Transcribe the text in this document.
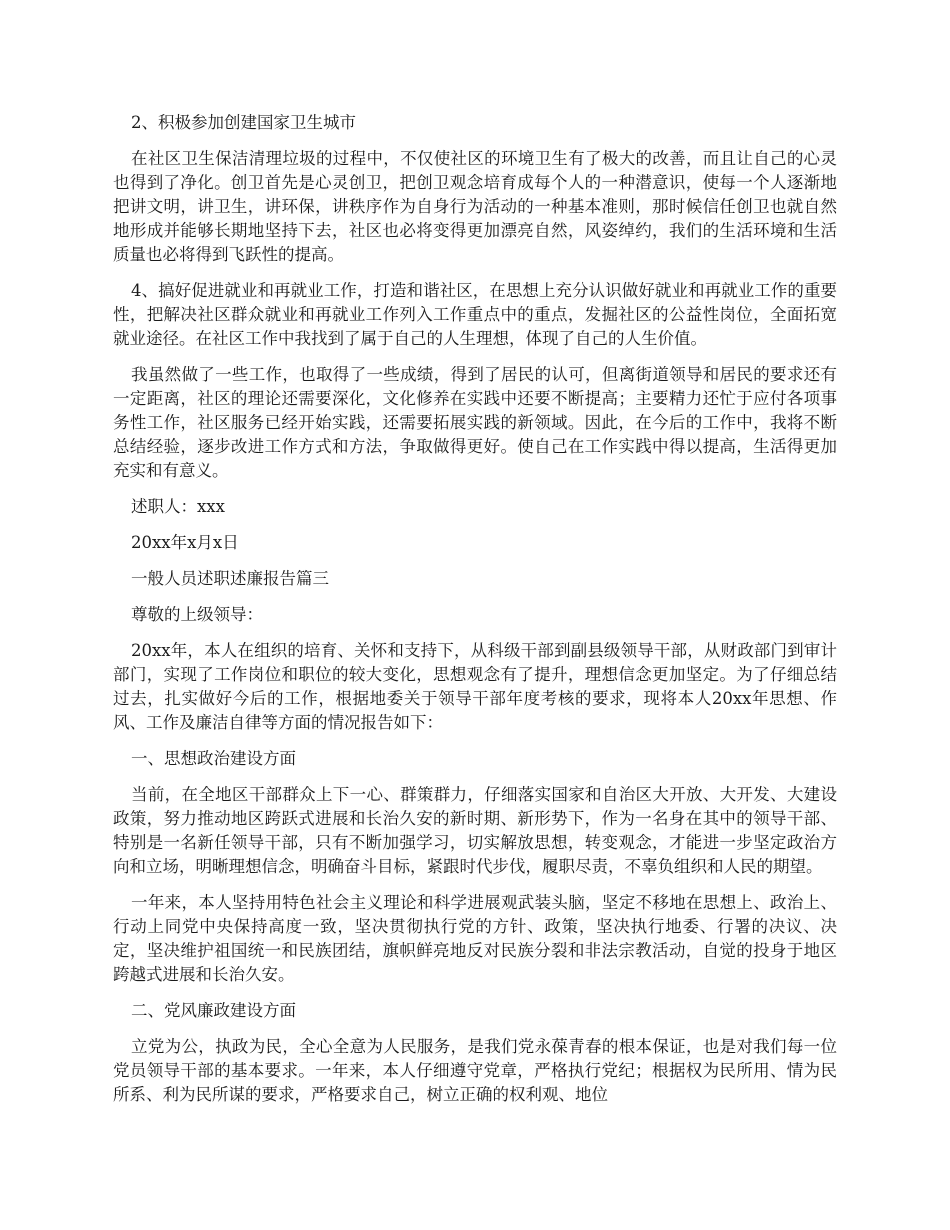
2、积极参加创建国家卫生城市

在社区卫生保洁清理垃圾的过程中，不仅使社区的环境卫生有了极大的改善，而且让自己的心灵也得到了净化。创卫首先是心灵创卫，把创卫观念培育成每个人的一种潜意识，使每一个人逐渐地把讲文明，讲卫生，讲环保，讲秩序作为自身行为活动的一种基本准则，那时候信任创卫也就自然地形成并能够长期地坚持下去，社区也必将变得更加漂亮自然，风姿绰约，我们的生活环境和生活质量也必将得到飞跃性的提高。

4、搞好促进就业和再就业工作，打造和谐社区，在思想上充分认识做好就业和再就业工作的重要性，把解决社区群众就业和再就业工作列入工作重点中的重点，发掘社区的公益性岗位，全面拓宽就业途径。在社区工作中我找到了属于自己的人生理想，体现了自己的人生价值。

我虽然做了一些工作，也取得了一些成绩，得到了居民的认可，但离街道领导和居民的要求还有一定距离，社区的理论还需要深化，文化修养在实践中还要不断提高；主要精力还忙于应付各项事务性工作，社区服务已经开始实践，还需要拓展实践的新领域。因此，在今后的工作中，我将不断总结经验，逐步改进工作方式和方法，争取做得更好。使自己在工作实践中得以提高，生活得更加充实和有意义。

述职人：xxx

20xx年x月x日

一般人员述职述廉报告篇三

尊敬的上级领导：

20xx年，本人在组织的培育、关怀和支持下，从科级干部到副县级领导干部，从财政部门到审计部门，实现了工作岗位和职位的较大变化，思想观念有了提升，理想信念更加坚定。为了仔细总结过去，扎实做好今后的工作，根据地委关于领导干部年度考核的要求，现将本人20xx年思想、作风、工作及廉洁自律等方面的情况报告如下：

一、思想政治建设方面

当前，在全地区干部群众上下一心、群策群力，仔细落实国家和自治区大开放、大开发、大建设政策，努力推动地区跨跃式进展和长治久安的新时期、新形势下，作为一名身在其中的领导干部、特别是一名新任领导干部，只有不断加强学习，切实解放思想，转变观念，才能进一步坚定政治方向和立场，明晰理想信念，明确奋斗目标，紧跟时代步伐，履职尽责，不辜负组织和人民的期望。

一年来，本人坚持用特色社会主义理论和科学进展观武装头脑，坚定不移地在思想上、政治上、行动上同党中央保持高度一致，坚决贯彻执行党的方针、政策，坚决执行地委、行署的决议、决定，坚决维护祖国统一和民族团结，旗帜鲜亮地反对民族分裂和非法宗教活动，自觉的投身于地区跨越式进展和长治久安。

二、党风廉政建设方面

立党为公，执政为民，全心全意为人民服务，是我们党永葆青春的根本保证，也是对我们每一位党员领导干部的基本要求。一年来，本人仔细遵守党章，严格执行党纪；根据权为民所用、情为民所系、利为民所谋的要求，严格要求自己，树立正确的权利观、地位
